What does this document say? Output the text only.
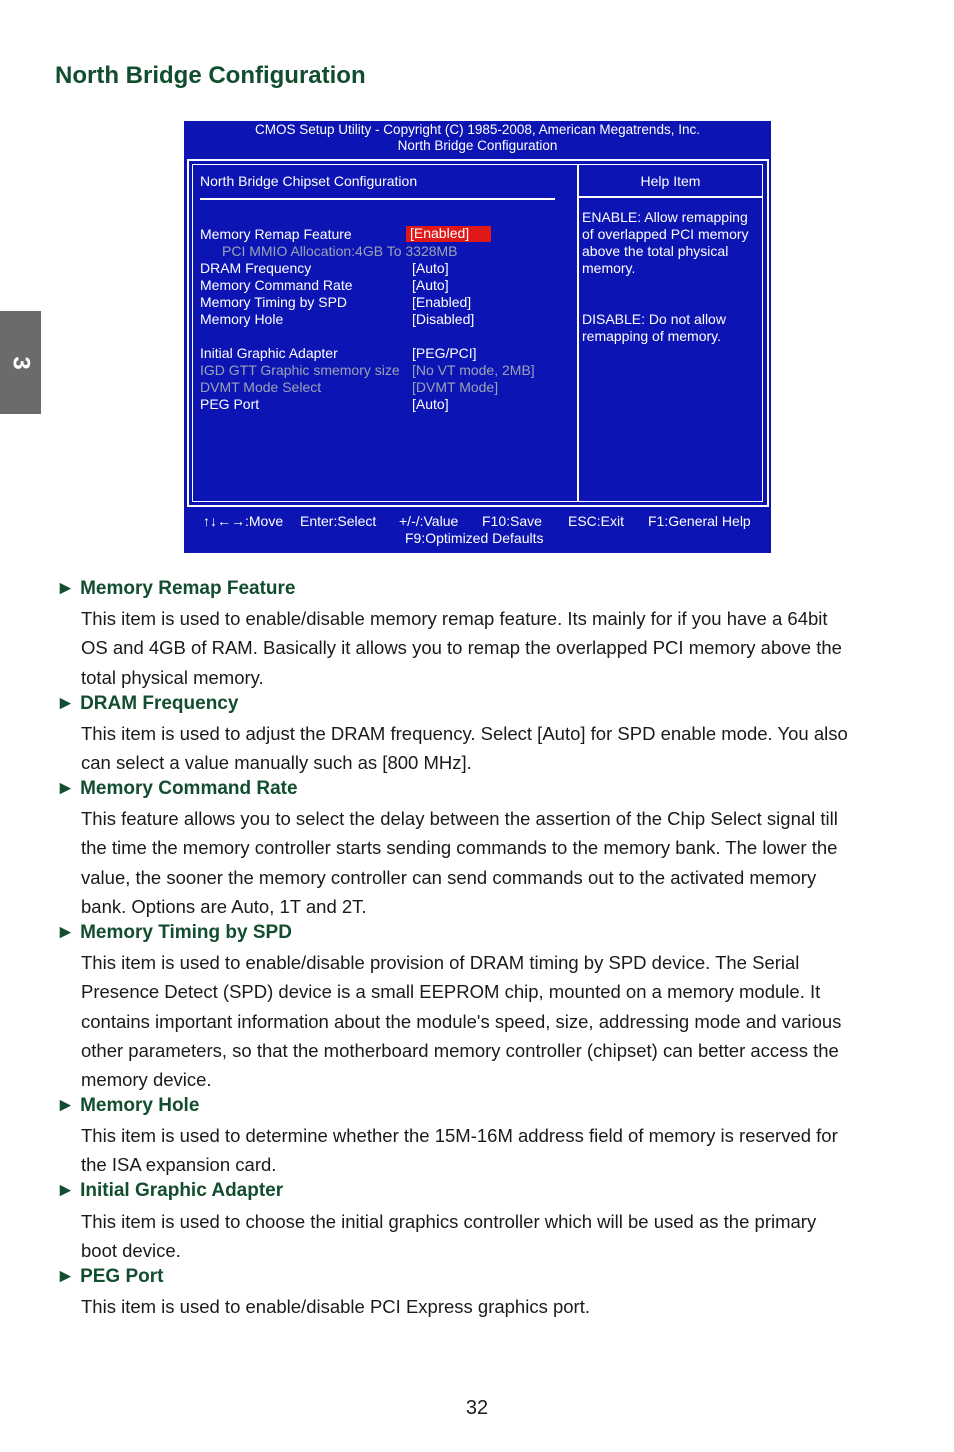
North Bridge Configuration
3
CMOS Setup Utility - Copyright (C) 1985-2008, American Megatrends, Inc.
North Bridge Configuration
North Bridge Chipset Configuration	Help Item
Memory Remap Feature	[Enabled]
PCI MMIO Allocation:4GB To 3328MB
DRAM Frequency	[Auto]
Memory Command Rate	[Auto]
Memory Timing by SPD	[Enabled]
Memory Hole	[Disabled]
Initial Graphic Adapter	[PEG/PCI]
IGD GTT Graphic smemory size [No VT mode, 2MB]
DVMT Mode Select	[DVMT Mode]
PEG Port	[Auto]
ENABLE: Allow remapping
of overlapped PCI memory
above the total physical
memory.
DISABLE: Do not allow
remapping of memory.
↑↓←→:Move Enter:Select +/-/:Value F10:Save ESC:Exit F1:General Help
F9:Optimized Defaults
► Memory Remap Feature
This item is used to enable/disable memory remap feature. Its mainly for if you have a 64bit
OS and 4GB of RAM. Basically it allows you to remap the overlapped PCI memory above the
total physical memory.
► DRAM Frequency
This item is used to adjust the DRAM frequency. Select [Auto] for SPD enable mode. You also
can select a value manually such as [800 MHz].
► Memory Command Rate
This feature allows you to select the delay between the assertion of the Chip Select signal till
the time the memory controller starts sending commands to the memory bank. The lower the
value, the sooner the memory controller can send commands out to the activated memory
bank. Options are Auto, 1T and 2T.
► Memory Timing by SPD
This item is used to enable/disable provision of DRAM timing by SPD device. The Serial
Presence Detect (SPD) device is a small EEPROM chip, mounted on a memory module. It
contains important information about the module's speed, size, addressing mode and various
other parameters, so that the motherboard memory controller (chipset) can better access the
memory device.
► Memory Hole
This item is used to determine whether the 15M-16M address field of memory is reserved for
the ISA expansion card.
► Initial Graphic Adapter
This item is used to choose the initial graphics controller which will be used as the primary
boot device.
► PEG Port
This item is used to enable/disable PCI Express graphics port.
32
